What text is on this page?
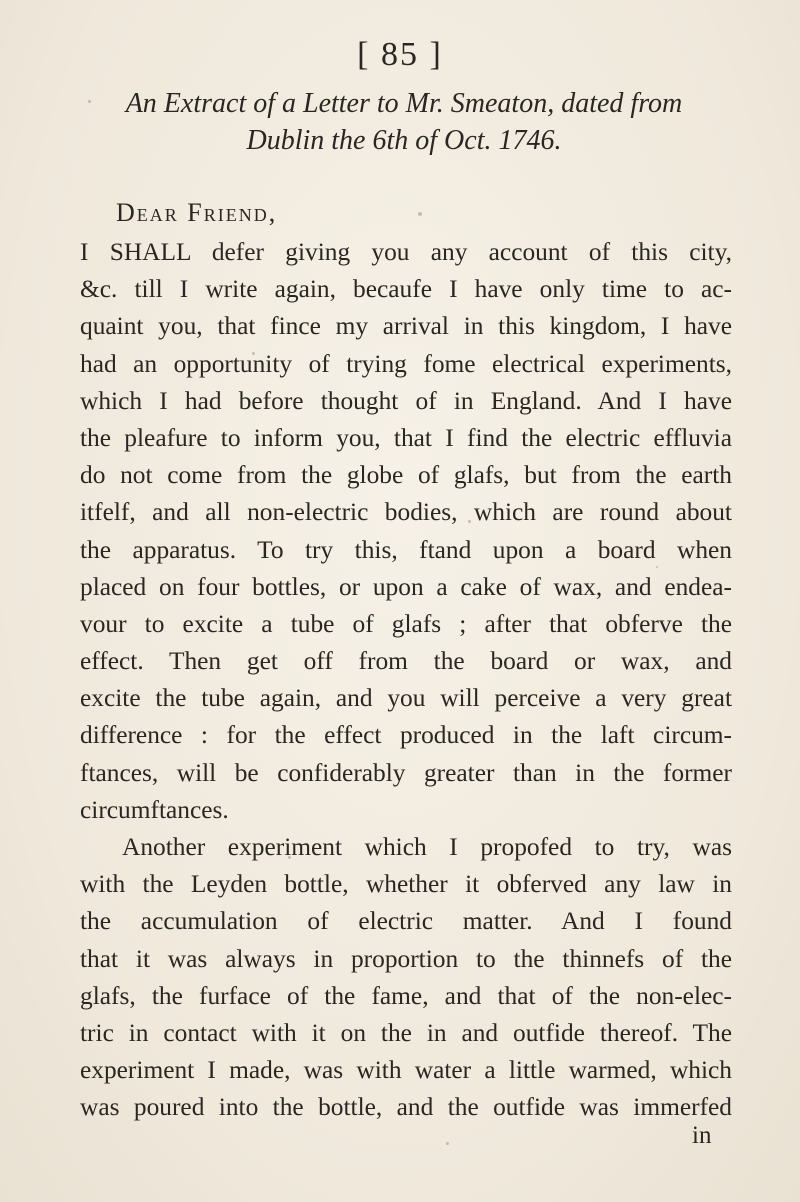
[ 85 ]
An Extract of a Letter to Mr. Smeaton, dated from
Dublin the 6th of Oct. 1746.
Dear Friend,
I SHALL defer giving you any account of this city,
&c. till I write again, becaufe I have only time to ac-
quaint you, that fince my arrival in this kingdom, I have
had an opportunity of trying fome electrical experiments,
which I had before thought of in England. And I have
the pleafure to inform you, that I find the electric effluvia
do not come from the globe of glafs, but from the earth
itfelf, and all non-electric bodies, which are round about
the apparatus. To try this, ftand upon a board when
placed on four bottles, or upon a cake of wax, and endea-
vour to excite a tube of glafs ; after that obferve the
effect. Then get off from the board or wax, and
excite the tube again, and you will perceive a very great
difference : for the effect produced in the laft circum-
ftances, will be confiderably greater than in the former
circumftances.
Another experiment which I propofed to try, was
with the Leyden bottle, whether it obferved any law in
the accumulation of electric matter. And I found
that it was always in proportion to the thinnefs of the
glafs, the furface of the fame, and that of the non-elec-
tric in contact with it on the in and outfide thereof. The
experiment I made, was with water a little warmed, which
was poured into the bottle, and the outfide was immerfed
in
